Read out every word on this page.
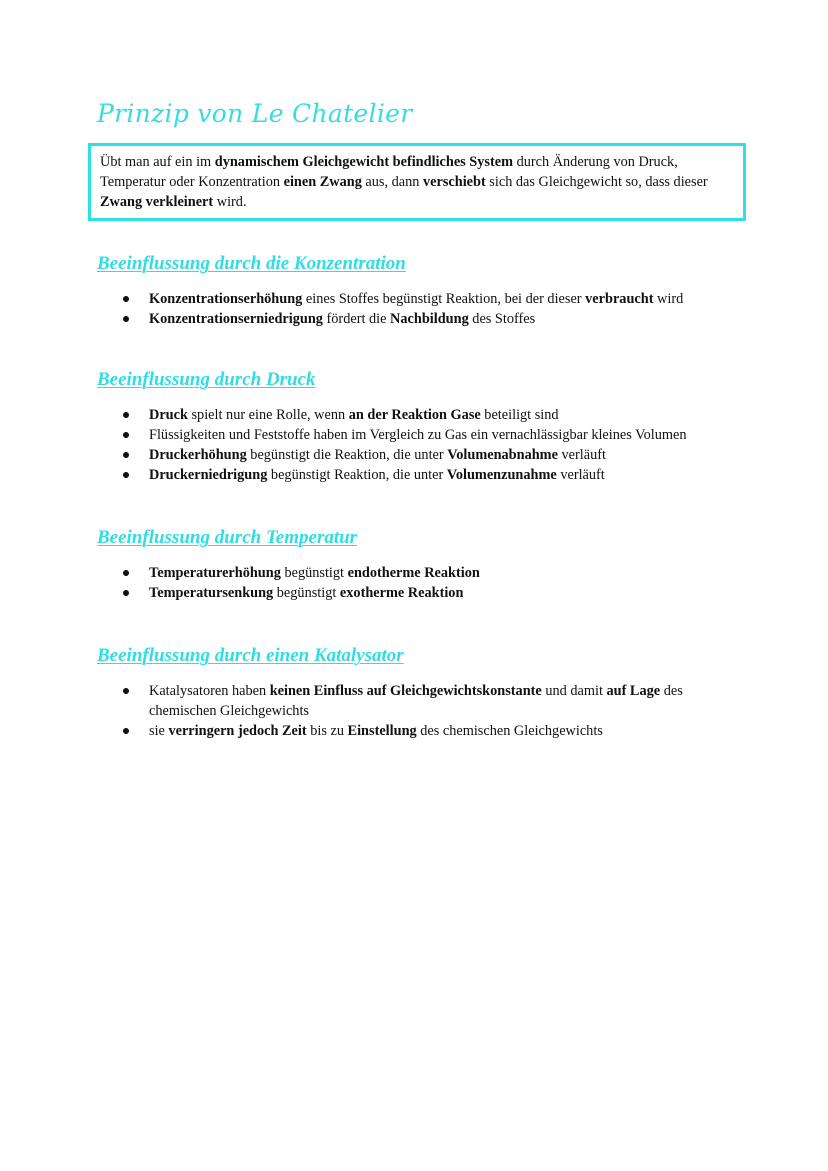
Prinzip von Le Chatelier
Übt man auf ein im dynamischem Gleichgewicht befindliches System durch Änderung von Druck, Temperatur oder Konzentration einen Zwang aus, dann verschiebt sich das Gleichgewicht so, dass dieser Zwang verkleinert wird.
Beeinflussung durch die Konzentration
Konzentrationserhöhung eines Stoffes begünstigt Reaktion, bei der dieser verbraucht wird
Konzentrationserniedrigung fördert die Nachbildung des Stoffes
Beeinflussung durch Druck
Druck spielt nur eine Rolle, wenn an der Reaktion Gase beteiligt sind
Flüssigkeiten und Feststoffe haben im Vergleich zu Gas ein vernachlässigbar kleines Volumen
Druckerhöhung begünstigt die Reaktion, die unter Volumenabnahme verläuft
Druckerniedrigung begünstigt Reaktion, die unter Volumenzunahme verläuft
Beeinflussung durch Temperatur
Temperaturerhöhung begünstigt endotherme Reaktion
Temperatursenkung begünstigt exotherme Reaktion
Beeinflussung durch einen Katalysator
Katalysatoren haben keinen Einfluss auf Gleichgewichtskonstante und damit auf Lage des chemischen Gleichgewichts
sie verringern jedoch Zeit bis zu Einstellung des chemischen Gleichgewichts
